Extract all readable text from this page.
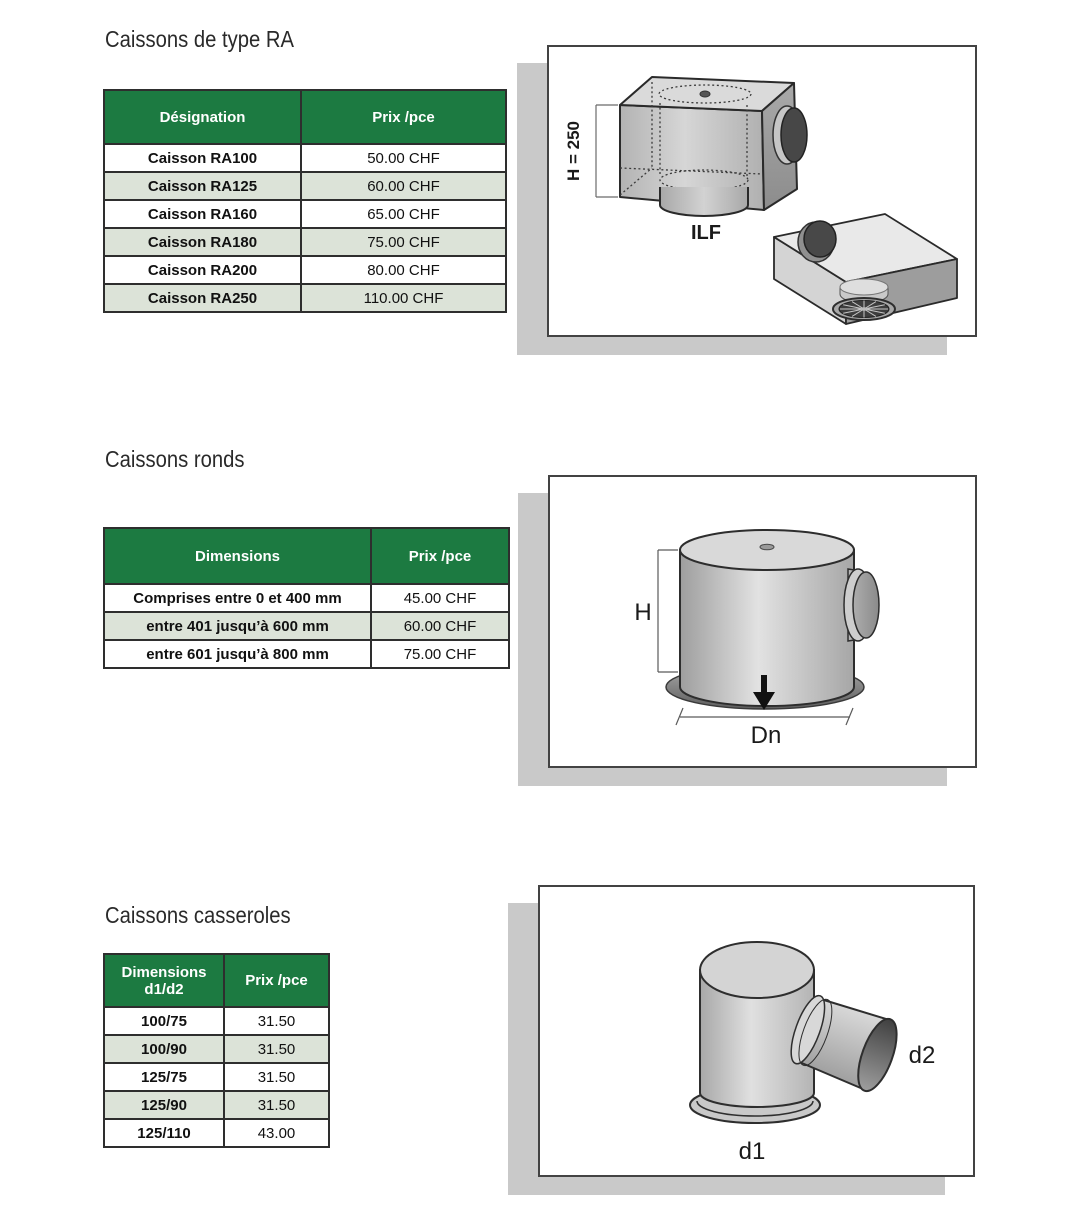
Caissons de type RA
Désignation	Prix /pce
Caisson RA100	50.00 CHF
Caisson RA125	60.00 CHF
Caisson RA160	65.00 CHF
Caisson RA180	75.00 CHF
Caisson RA200	80.00 CHF
Caisson RA250	110.00 CHF
H = 250
ILF
Caissons ronds
Dimensions	Prix /pce
Comprises entre 0 et 400 mm	45.00 CHF
entre 401 jusqu’à 600 mm	60.00 CHF
entre 601 jusqu’à 800 mm	75.00 CHF
H
Dn
Caissons casseroles
Dimensions d1/d2	Prix /pce
100/75	31.50
100/90	31.50
125/75	31.50
125/90	31.50
125/110	43.00
d1
d2
